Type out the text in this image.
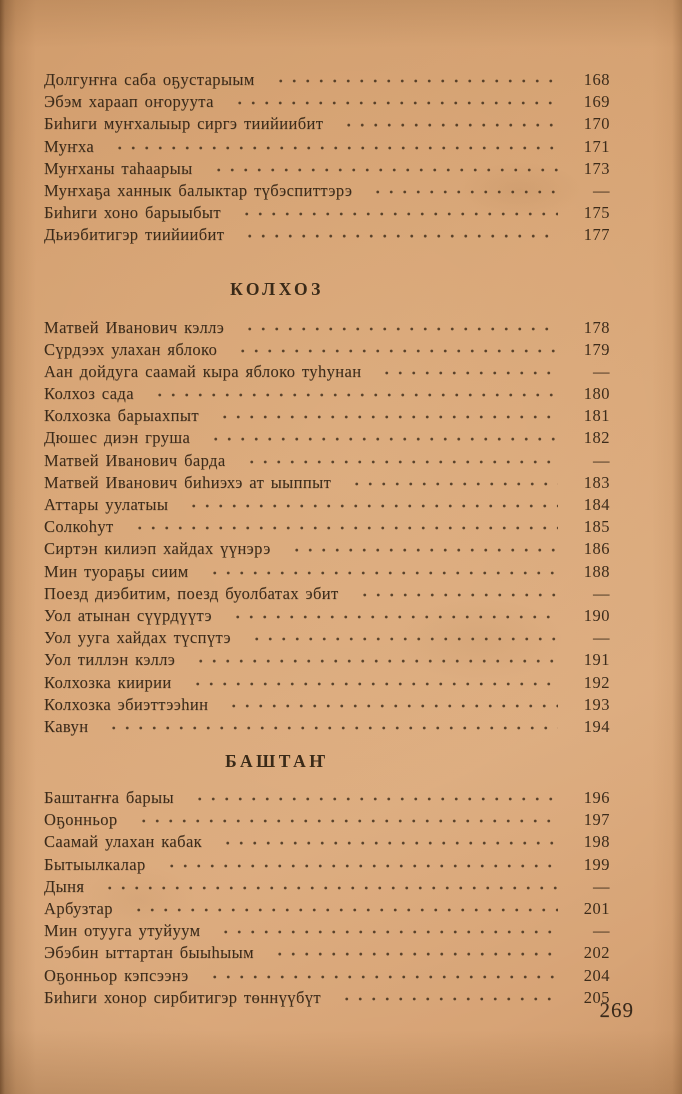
Долгуҥҥа саба оҕустарыым	168
Эбэм хараап оҥоруута	169
Биһиги муҥхалыыр сиргэ тиийиибит	170
Муҥха	171
Муҥханы таһаарыы	173
Муҥхаҕа ханнык балыктар түбэспиттэрэ	—
Биһиги хоно барыыбыт	175
Дьиэбитигэр тиийиибит	177
КОЛХОЗ
Матвей Иванович кэллэ	178
Сүрдээх улахан яблоко	179
Аан дойдуга саамай кыра яблоко туһунан	—
Колхоз сада	180
Колхозка барыахпыт	181
Дюшес диэн груша	182
Матвей Иванович барда	—
Матвей Иванович биһиэхэ ат ыыппыт	183
Аттары уулатыы	184
Солкоһут	185
Сиртэн килиэп хайдах үүнэрэ	186
Мин туораҕы сиим	188
Поезд диэбитим, поезд буолбатах эбит	—
Уол атынан сүүрдүүтэ	190
Уол ууга хайдах түспүтэ	—
Уол тиллэн кэллэ	191
Колхозка киирии	192
Колхозка эбиэттээһин	193
Кавун	194
БАШТАҤ
Баштаҥҥа барыы	196
Оҕонньор	197
Саамай улахан кабак	198
Бытыылкалар	199
Дыня	—
Арбузтар	201
Мин отууга утуйуум	—
Эбэбин ыттартан быыһыым	202
Оҕонньор кэпсээнэ	204
Биһиги хонор сирбитигэр төннүүбүт	205
269
